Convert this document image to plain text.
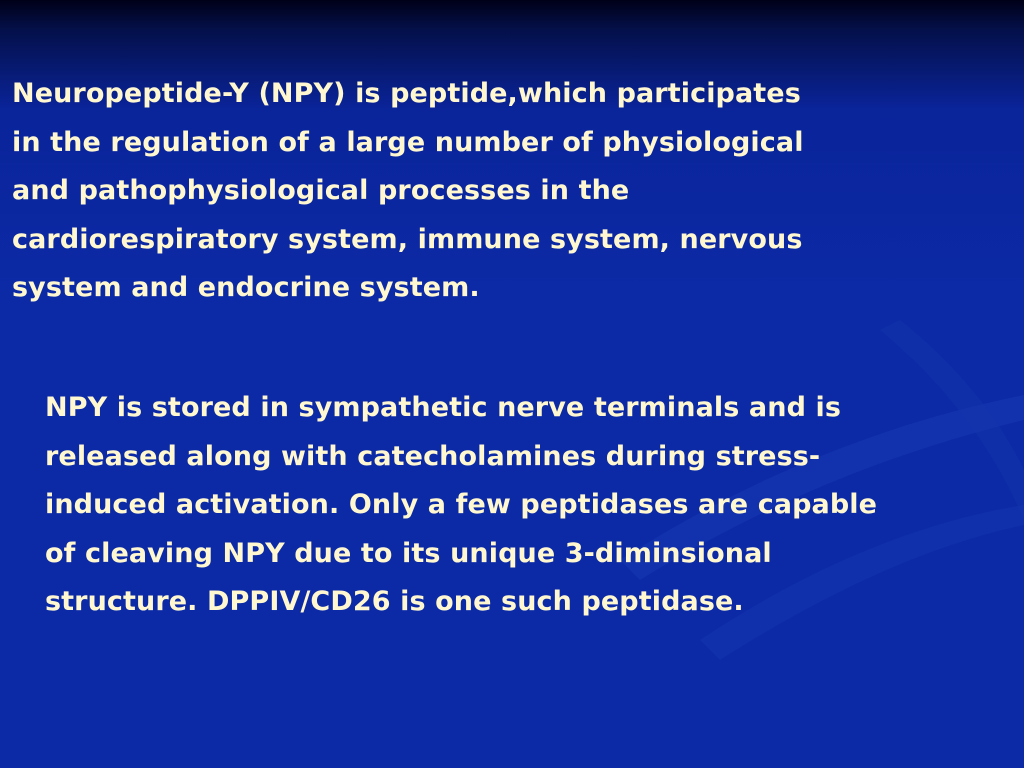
Neuropeptide-Y (NPY) is peptide,which participates
in the regulation of a large number of physiological
and pathophysiological processes in the
cardiorespiratory system, immune system, nervous
system and endocrine system.
NPY is stored in sympathetic nerve terminals and is
released along with catecholamines during stress-
induced activation. Only a few peptidases are capable
of cleaving NPY due to its unique 3-diminsional
structure. DPPIV/CD26 is one such peptidase.
